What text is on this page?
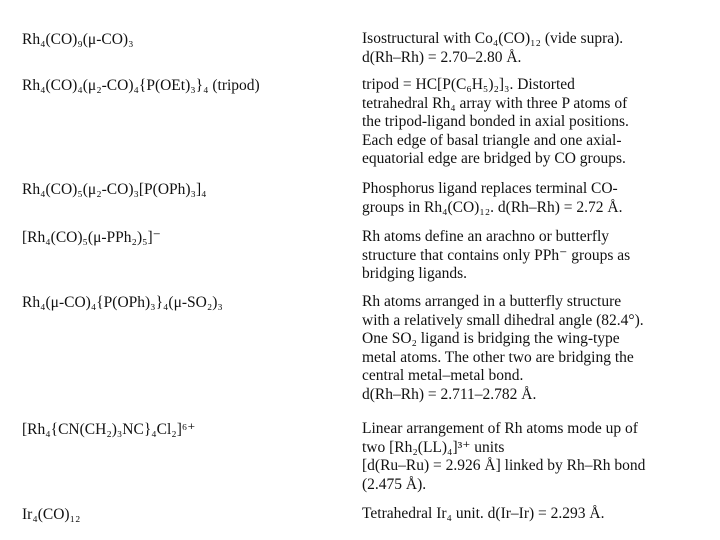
Rh₄(CO)₉(μ-CO)₃	Isostructural with Co₄(CO)₁₂ (vide supra).
d(Rh–Rh) = 2.70–2.80 Å.
Rh₄(CO)₄(μ₂-CO)₄{P(OEt)₃}₄ (tripod)	tripod = HC[P(C₆H₅)₂]₃. Distorted
tetrahedral Rh₄ array with three P atoms of
the tripod-ligand bonded in axial positions.
Each edge of basal triangle and one axial-
equatorial edge are bridged by CO groups.
Rh₄(CO)₅(μ₂-CO)₃[P(OPh)₃]₄	Phosphorus ligand replaces terminal CO-
groups in Rh₄(CO)₁₂. d(Rh–Rh) = 2.72 Å.
[Rh₄(CO)₅(μ-PPh₂)₅]⁻	Rh atoms define an arachno or butterfly
structure that contains only PPh⁻ groups as
bridging ligands.
Rh₄(μ-CO)₄{P(OPh)₃}₄(μ-SO₂)₃	Rh atoms arranged in a butterfly structure
with a relatively small dihedral angle (82.4°).
One SO₂ ligand is bridging the wing-type
metal atoms. The other two are bridging the
central metal–metal bond.
d(Rh–Rh) = 2.711–2.782 Å.
[Rh₄{CN(CH₂)₃NC}₄Cl₂]⁶⁺	Linear arrangement of Rh atoms mode up of
two [Rh₂(LL)₄]³⁺ units
[d(Ru–Ru) = 2.926 Å] linked by Rh–Rh bond
(2.475 Å).
Ir₄(CO)₁₂	Tetrahedral Ir₄ unit. d(Ir–Ir) = 2.293 Å.
